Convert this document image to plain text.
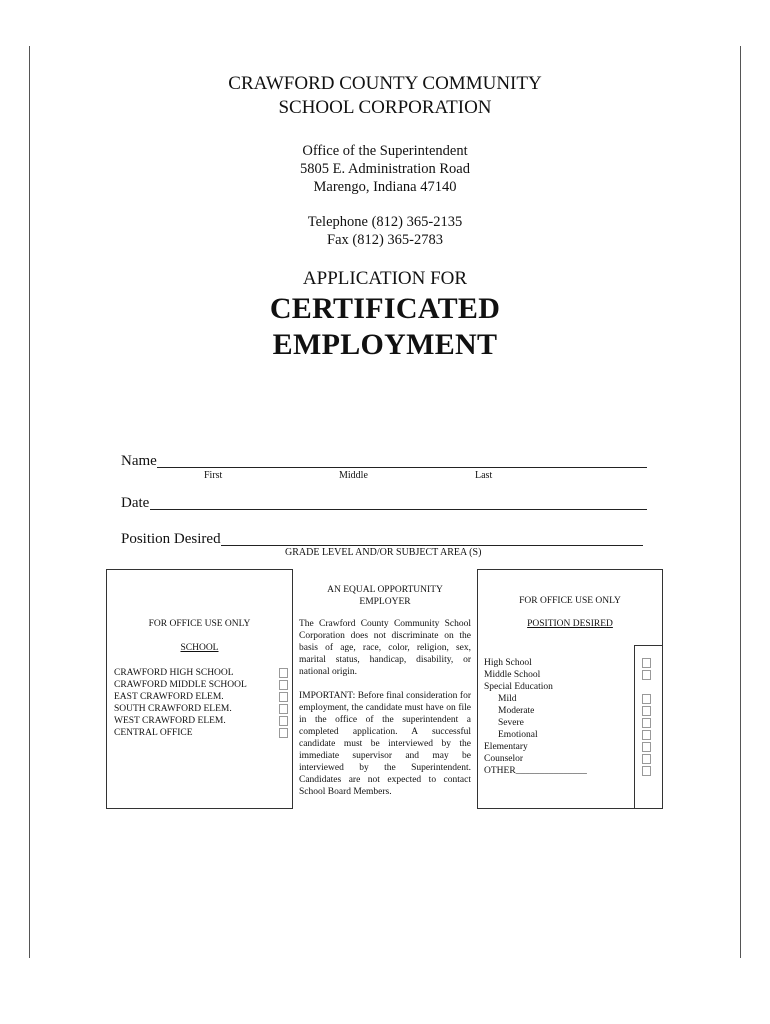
CRAWFORD COUNTY COMMUNITY
SCHOOL CORPORATION
Office of the Superintendent
5805 E. Administration Road
Marengo, Indiana 47140
Telephone (812) 365-2135
Fax (812) 365-2783
APPLICATION FOR
CERTIFICATED
EMPLOYMENT
Name
First	Middle	Last
Date
Position Desired
GRADE LEVEL AND/OR SUBJECT AREA (S)
FOR OFFICE USE ONLY
SCHOOL
CRAWFORD HIGH SCHOOL
CRAWFORD MIDDLE SCHOOL
EAST CRAWFORD ELEM.
SOUTH CRAWFORD ELEM.
WEST CRAWFORD ELEM.
CENTRAL OFFICE
AN EQUAL OPPORTUNITY
EMPLOYER
The Crawford County Community School Corporation does not discriminate on the basis of age, race, color, religion, sex, marital status, handicap, disability, or national origin.
IMPORTANT: Before final consideration for employment, the candidate must have on file in the office of the superintendent a completed application. A successful candidate must be interviewed by the immediate supervisor and may be interviewed by the Superintendent. Candidates are not expected to contact School Board Members.
FOR OFFICE USE ONLY
POSITION DESIRED
High School
Middle School
Special Education
Mild
Moderate
Severe
Emotional
Elementary
Counselor
OTHER_______________
